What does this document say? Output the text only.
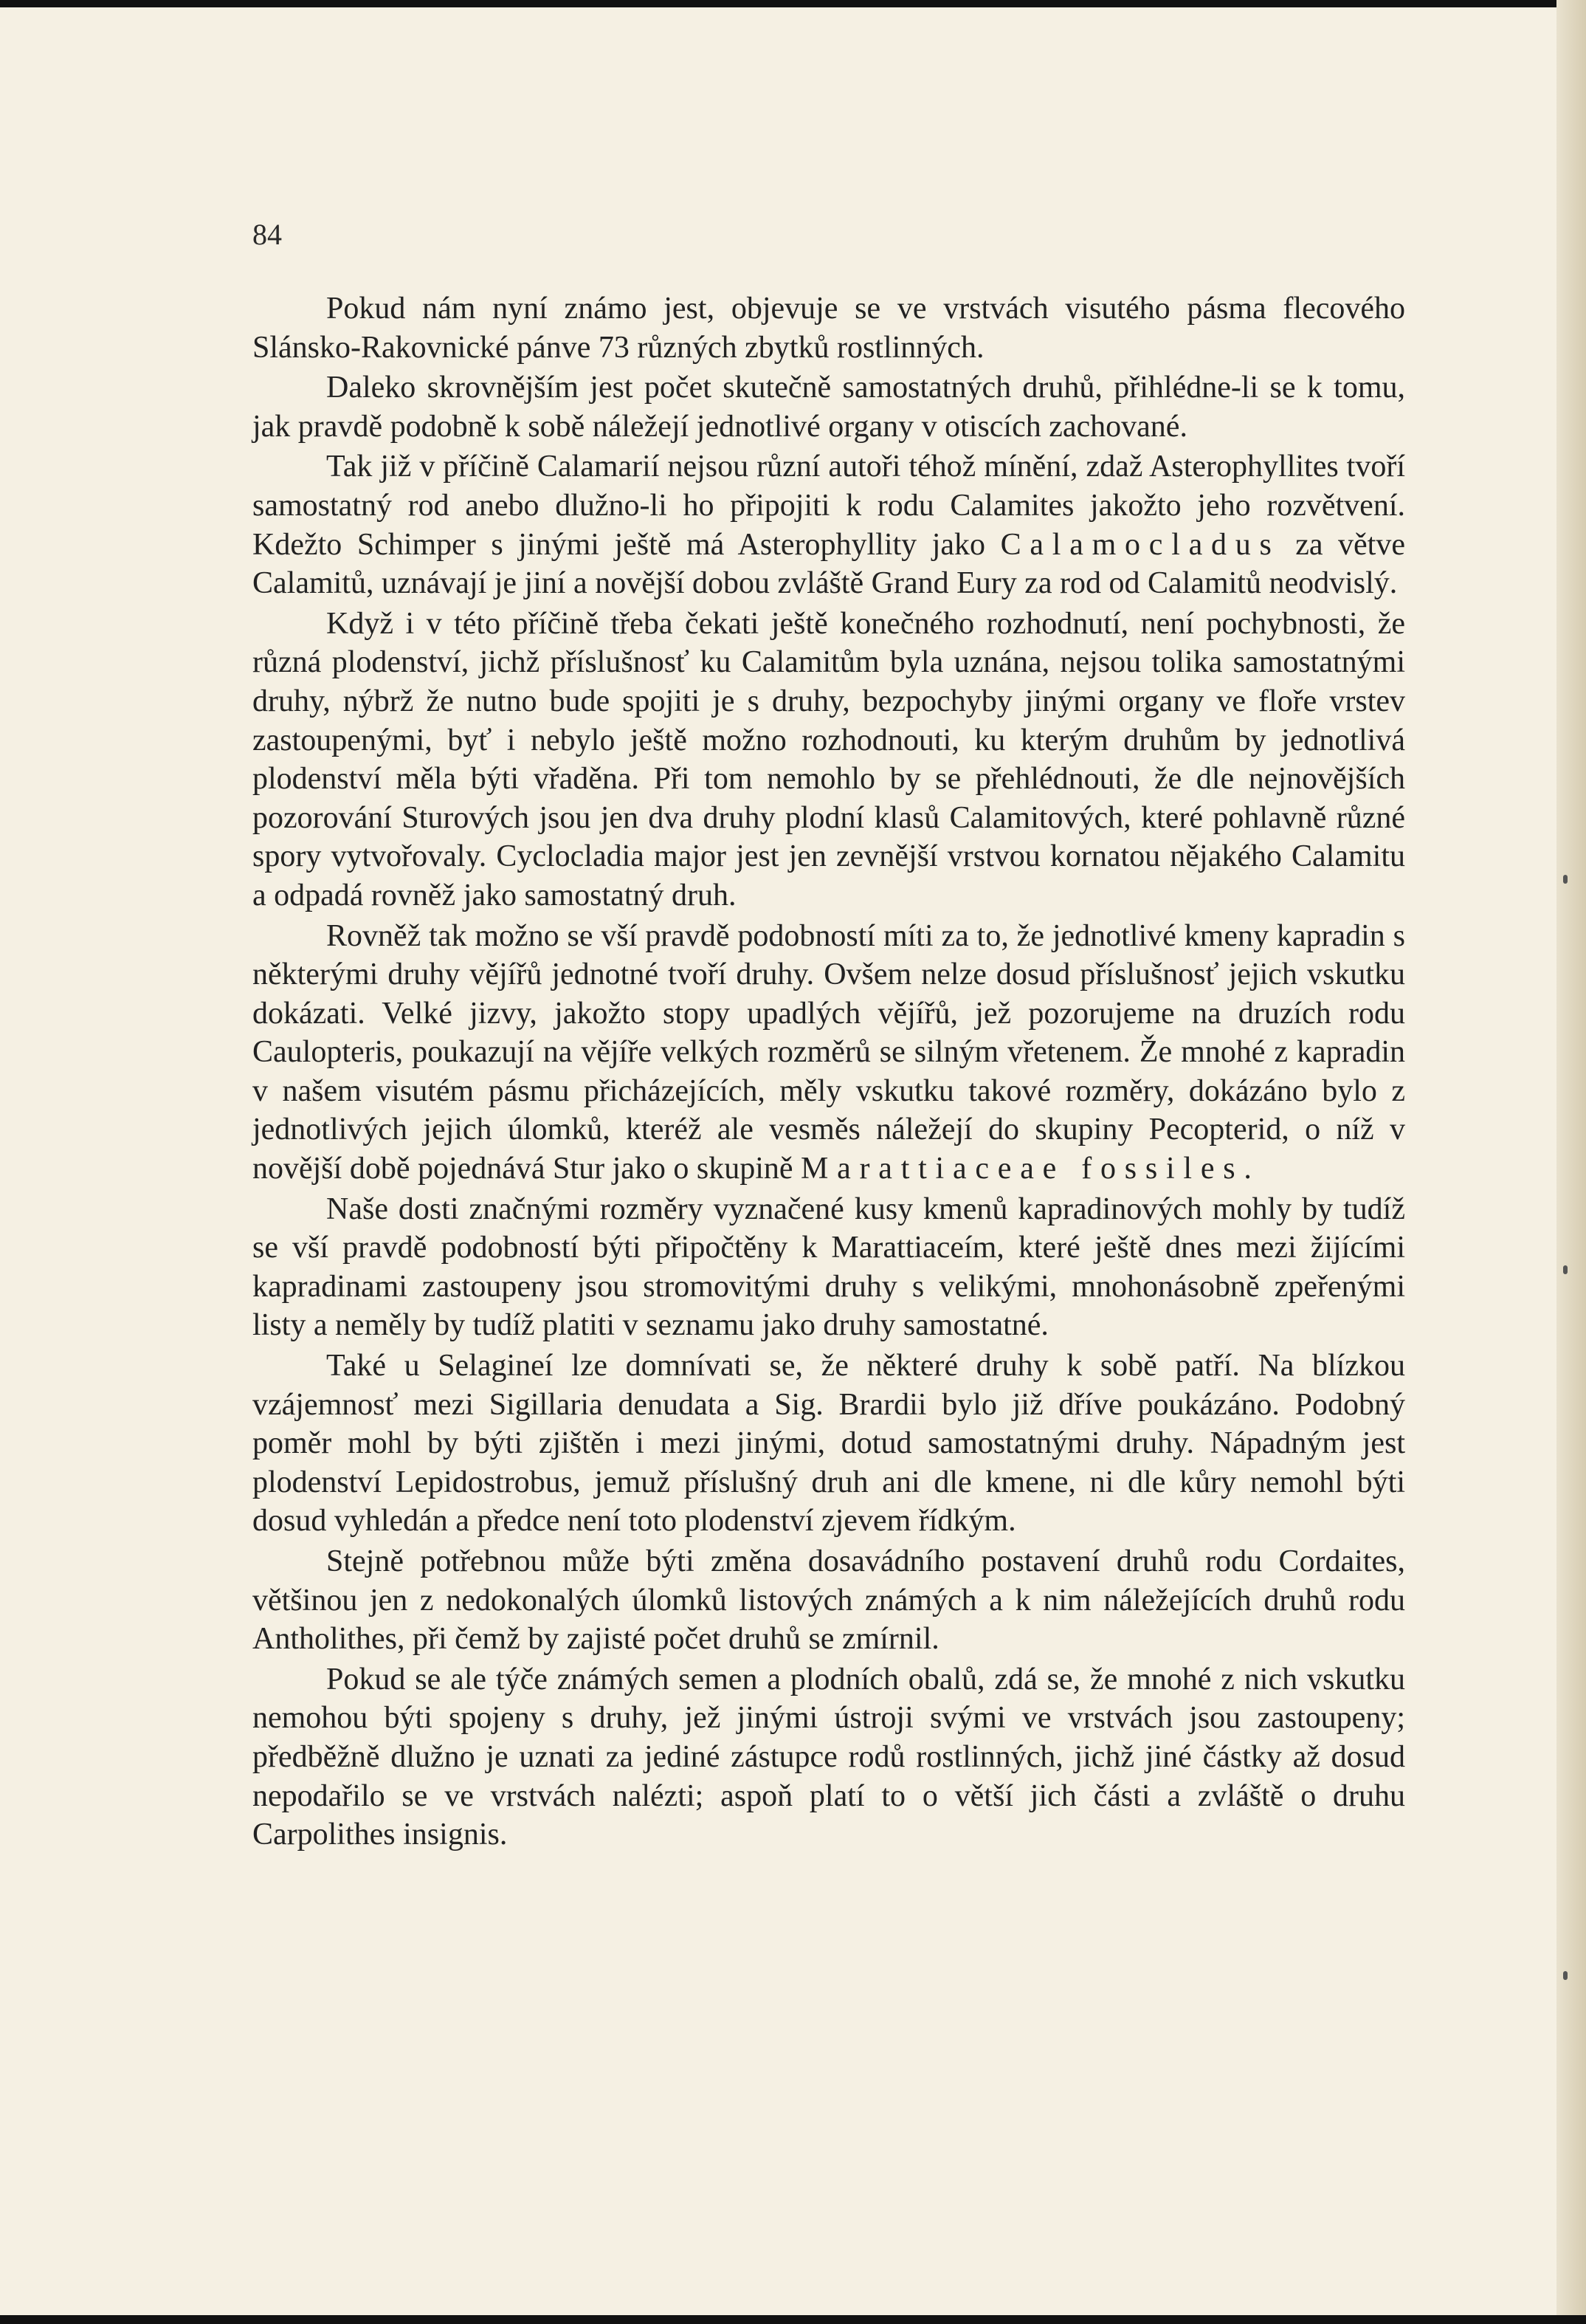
84

Pokud nám nyní známo jest, objevuje se ve vrstvách visutého pásma flecového Slánsko-Rakovnické pánve 73 různých zbytků rostlinných.

Daleko skrovnějším jest počet skutečně samostatných druhů, přihlédne-li se k tomu, jak pravdě podobně k sobě náležejí jednotlivé organy v otiscích zachované.

Tak již v příčině Calamarií nejsou různí autoři téhož mínění, zdaž Asterophyllites tvoří samostatný rod anebo dlužno-li ho připojiti k rodu Calamites jakožto jeho rozvětvení. Kdežto Schimper s jinými ještě má Asterophyllity jako Calamocladus za větve Calamitů, uznávají je jiní a novější dobou zvláště Grand Eury za rod od Calamitů neodvislý.

Když i v této příčině třeba čekati ještě konečného rozhodnutí, není pochybnosti, že různá plodenství, jichž příslušnosť ku Calamitům byla uznána, nejsou tolika samostatnými druhy, nýbrž že nutno bude spojiti je s druhy, bezpochyby jinými organy ve floře vrstev zastoupenými, byť i nebylo ještě možno rozhodnouti, ku kterým druhům by jednotlivá plodenství měla býti vřaděna. Při tom nemohlo by se přehlédnouti, že dle nejnovějších pozorování Sturových jsou jen dva druhy plodní klasů Calamitových, které pohlavně různé spory vytvořovaly. Cyclocladia major jest jen zevnější vrstvou kornatou nějakého Calamitu a odpadá rovněž jako samostatný druh.

Rovněž tak možno se vší pravdě podobností míti za to, že jednotlivé kmeny kapradin s některými druhy vějířů jednotné tvoří druhy. Ovšem nelze dosud příslušnosť jejich vskutku dokázati. Velké jizvy, jakožto stopy upadlých vějířů, jež pozorujeme na druzích rodu Caulopteris, poukazují na vějíře velkých rozměrů se silným vřetenem. Že mnohé z kapradin v našem visutém pásmu přicházejících, měly vskutku takové rozměry, dokázáno bylo z jednotlivých jejich úlomků, kteréž ale vesměs náležejí do skupiny Pecopterid, o níž v novější době pojednává Stur jako o skupině Marattiaceae fossiles.

Naše dosti značnými rozměry vyznačené kusy kmenů kapradinových mohly by tudíž se vší pravdě podobností býti připočtěny k Marattiaceím, které ještě dnes mezi žijícími kapradinami zastoupeny jsou stromovitými druhy s velikými, mnohonásobně zpeřenými listy a neměly by tudíž platiti v seznamu jako druhy samostatné.

Také u Selagineí lze domnívati se, že některé druhy k sobě patří. Na blízkou vzájemnosť mezi Sigillaria denudata a Sig. Brardii bylo již dříve poukázáno. Podobný poměr mohl by býti zjištěn i mezi jinými, dotud samostatnými druhy. Nápadným jest plodenství Lepidostrobus, jemuž příslušný druh ani dle kmene, ni dle kůry nemohl býti dosud vyhledán a předce není toto plodenství zjevem řídkým.

Stejně potřebnou může býti změna dosavádního postavení druhů rodu Cordaites, většinou jen z nedokonalých úlomků listových známých a k nim náležejících druhů rodu Antholithes, při čemž by zajisté počet druhů se zmírnil.

Pokud se ale týče známých semen a plodních obalů, zdá se, že mnohé z nich vskutku nemohou býti spojeny s druhy, jež jinými ústroji svými ve vrstvách jsou zastoupeny; předběžně dlužno je uznati za jediné zástupce rodů rostlinných, jichž jiné částky až dosud nepodařilo se ve vrstvách nalézti; aspoň platí to o větší jich části a zvláště o druhu Carpolithes insignis.
